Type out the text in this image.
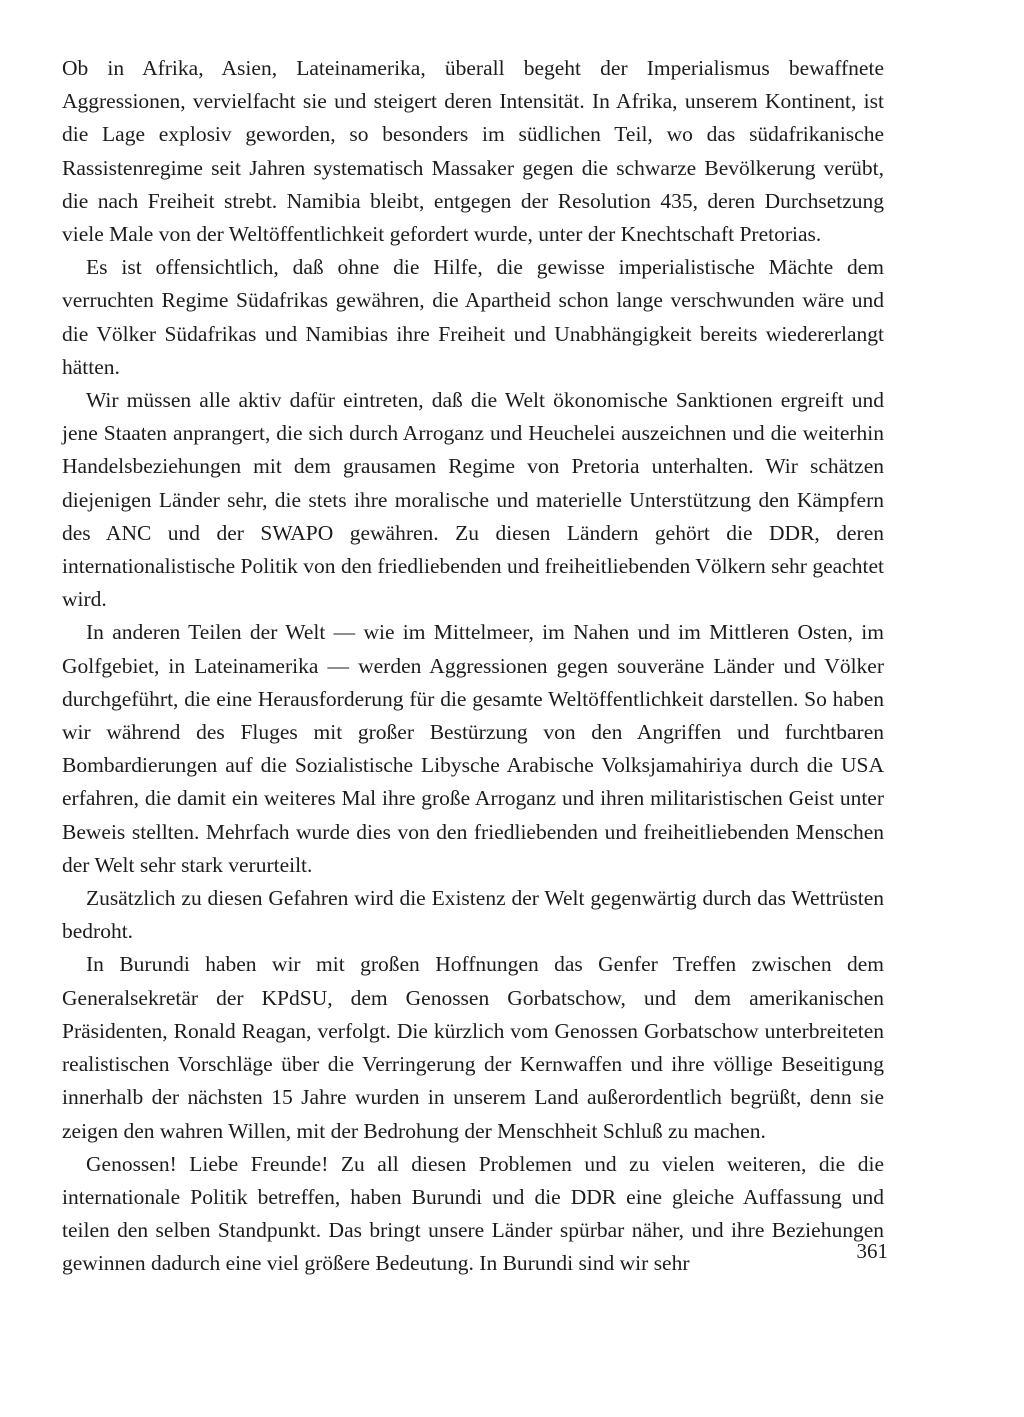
Ob in Afrika, Asien, Lateinamerika, überall begeht der Imperialismus bewaffnete Aggressionen, vervielfacht sie und steigert deren Intensität. In Afrika, unserem Kontinent, ist die Lage explosiv geworden, so besonders im südlichen Teil, wo das südafrikanische Rassistenregime seit Jahren systematisch Massaker gegen die schwarze Bevölkerung verübt, die nach Freiheit strebt. Namibia bleibt, entgegen der Resolution 435, deren Durchsetzung viele Male von der Weltöffentlichkeit gefordert wurde, unter der Knechtschaft Pretorias.

Es ist offensichtlich, daß ohne die Hilfe, die gewisse imperialistische Mächte dem verruchten Regime Südafrikas gewähren, die Apartheid schon lange verschwunden wäre und die Völker Südafrikas und Namibias ihre Freiheit und Unabhängigkeit bereits wiedererlangt hätten.

Wir müssen alle aktiv dafür eintreten, daß die Welt ökonomische Sanktionen ergreift und jene Staaten anprangert, die sich durch Arroganz und Heuchelei auszeichnen und die weiterhin Handelsbeziehungen mit dem grausamen Regime von Pretoria unterhalten. Wir schätzen diejenigen Länder sehr, die stets ihre moralische und materielle Unterstützung den Kämpfern des ANC und der SWAPO gewähren. Zu diesen Ländern gehört die DDR, deren internationalistische Politik von den friedliebenden und freiheitliebenden Völkern sehr geachtet wird.

In anderen Teilen der Welt — wie im Mittelmeer, im Nahen und im Mittleren Osten, im Golfgebiet, in Lateinamerika — werden Aggressionen gegen souveräne Länder und Völker durchgeführt, die eine Herausforderung für die gesamte Weltöffentlichkeit darstellen. So haben wir während des Fluges mit großer Bestürzung von den Angriffen und furchtbaren Bombardierungen auf die Sozialistische Libysche Arabische Volksjamahiriya durch die USA erfahren, die damit ein weiteres Mal ihre große Arroganz und ihren militaristischen Geist unter Beweis stellten. Mehrfach wurde dies von den friedliebenden und freiheitliebenden Menschen der Welt sehr stark verurteilt.

Zusätzlich zu diesen Gefahren wird die Existenz der Welt gegenwärtig durch das Wettrüsten bedroht.

In Burundi haben wir mit großen Hoffnungen das Genfer Treffen zwischen dem Generalsekretär der KPdSU, dem Genossen Gorbatschow, und dem amerikanischen Präsidenten, Ronald Reagan, verfolgt. Die kürzlich vom Genossen Gorbatschow unterbreiteten realistischen Vorschläge über die Verringerung der Kernwaffen und ihre völlige Beseitigung innerhalb der nächsten 15 Jahre wurden in unserem Land außerordentlich begrüßt, denn sie zeigen den wahren Willen, mit der Bedrohung der Menschheit Schluß zu machen.

Genossen! Liebe Freunde! Zu all diesen Problemen und zu vielen weiteren, die die internationale Politik betreffen, haben Burundi und die DDR eine gleiche Auffassung und teilen den selben Standpunkt. Das bringt unsere Länder spürbar näher, und ihre Beziehungen gewinnen dadurch eine viel größere Bedeutung. In Burundi sind wir sehr

361
